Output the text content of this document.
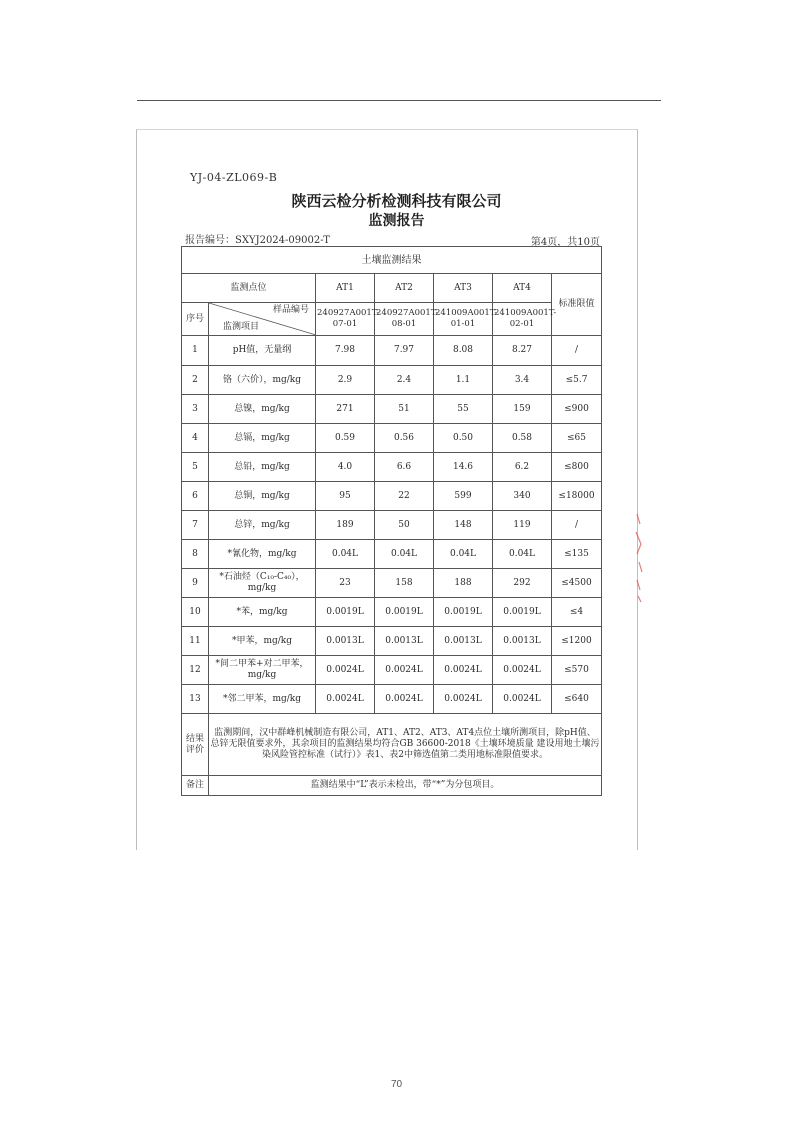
YJ-04-ZL069-B
陕西云检分析检测科技有限公司
监测报告
报告编号：SXYJ2024-09002-T	第4页，共10页
土壤监测结果						
监测点位		AT1	AT2	AT3	AT4	标准限值
序号	样品编号
监测项目	240927A001T-07-01	240927A001T-08-01	241009A001T-01-01	241009A001T-02-01	
1	pH值，无量纲	7.98	7.97	8.08	8.27	/
2	铬（六价），mg/kg	2.9	2.4	1.1	3.4	≤5.7
3	总镍，mg/kg	271	51	55	159	≤900
4	总镉，mg/kg	0.59	0.56	0.50	0.58	≤65
5	总铅，mg/kg	4.0	6.6	14.6	6.2	≤800
6	总铜，mg/kg	95	22	599	340	≤18000
7	总锌，mg/kg	189	50	148	119	/
8	*氰化物，mg/kg	0.04L	0.04L	0.04L	0.04L	≤135
9	*石油烃（C₁₀-C₄₀），mg/kg	23	158	188	292	≤4500
10	*苯，mg/kg	0.0019L	0.0019L	0.0019L	0.0019L	≤4
11	*甲苯，mg/kg	0.0013L	0.0013L	0.0013L	0.0013L	≤1200
12	*间二甲苯+对二甲苯，mg/kg	0.0024L	0.0024L	0.0024L	0.0024L	≤570
13	*邻二甲苯，mg/kg	0.0024L	0.0024L	0.0024L	0.0024L	≤640
结果评价	监测期间，汉中群峰机械制造有限公司，AT1、AT2、AT3、AT4点位土壤所测项目，除pH值、总锌无限值要求外，其余项目的监测结果均符合GB 36600-2018《土壤环境质量 建设用地土壤污染风险管控标准（试行）》表1、表2中筛选值第二类用地标准限值要求。					
备注	监测结果中“L”表示未检出，带“*”为分包项目。					
70
